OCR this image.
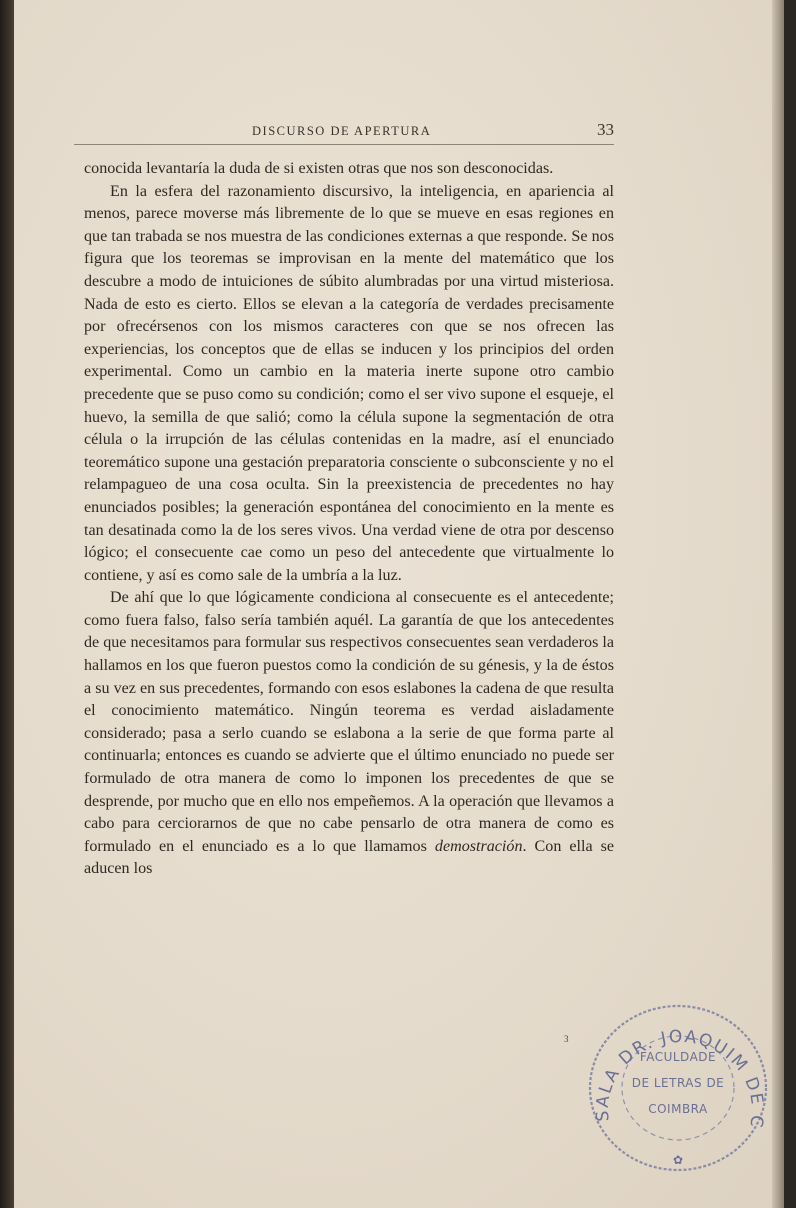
DISCURSO DE APERTURA	33

conocida levantaría la duda de si existen otras que nos son desconocidas.

En la esfera del razonamiento discursivo, la inteligencia, en apariencia al menos, parece moverse más libremente de lo que se mueve en esas regiones en que tan trabada se nos muestra de las condiciones externas a que responde. Se nos figura que los teoremas se improvisan en la mente del matemático que los descubre a modo de intuiciones de súbito alumbradas por una virtud misteriosa. Nada de esto es cierto. Ellos se elevan a la categoría de verdades precisamente por ofrecérsenos con los mismos caracteres con que se nos ofrecen las experiencias, los conceptos que de ellas se inducen y los principios del orden experimental. Como un cambio en la materia inerte supone otro cambio precedente que se puso como su condición; como el ser vivo supone el esqueje, el huevo, la semilla de que salió; como la célula supone la segmentación de otra célula o la irrupción de las células contenidas en la madre, así el enunciado teoremático supone una gestación preparatoria consciente o subconsciente y no el relampagueo de una cosa oculta. Sin la preexistencia de precedentes no hay enunciados posibles; la generación espontánea del conocimiento en la mente es tan desatinada como la de los seres vivos. Una verdad viene de otra por descenso lógico; el consecuente cae como un peso del antecedente que virtualmente lo contiene, y así es como sale de la umbría a la luz.

De ahí que lo que lógicamente condiciona al consecuente es el antecedente; como fuera falso, falso sería también aquél. La garantía de que los antecedentes de que necesitamos para formular sus respectivos consecuentes sean verdaderos la hallamos en los que fueron puestos como la condición de su génesis, y la de éstos a su vez en sus precedentes, formando con esos eslabones la cadena de que resulta el conocimiento matemático. Ningún teorema es verdad aisladamente considerado; pasa a serlo cuando se eslabona a la serie de que forma parte al continuarla; entonces es cuando se advierte que el último enunciado no puede ser formulado de otra manera de como lo imponen los precedentes de que se desprende, por mucho que en ello nos empeñemos. A la operación que llevamos a cabo para cerciorarnos de que no cabe pensarlo de otra manera de como es formulado en el enunciado es a lo que llamamos demostración. Con ella se aducen los

3
SALA DR. JOAQUIM DE C
✿
FACULDADE
DE LETRAS DE
COIMBRA
